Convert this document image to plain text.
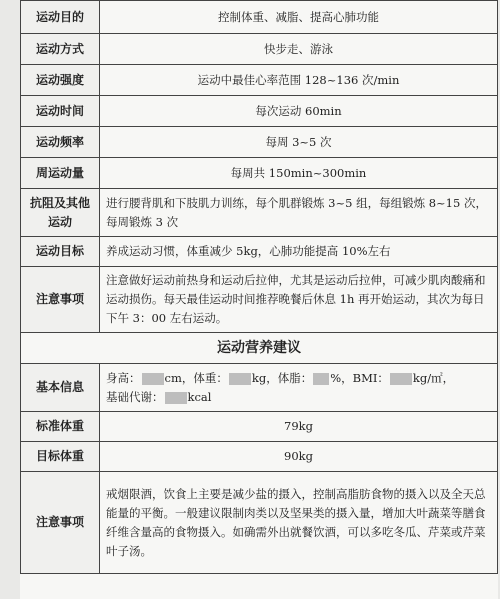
运动目的	控制体重、减脂、提高心肺功能
运动方式	快步走、游泳
运动强度	运动中最佳心率范围 128~136 次/min
运动时间	每次运动 60min
运动频率	每周 3~5 次
周运动量	每周共 150min~300min
抗阻及其他运动	进行腰背肌和下肢肌力训练，每个肌群锻炼 3~5 组，每组锻炼 8~15 次，每周锻炼 3 次
运动目标	养成运动习惯，体重减少 5kg，心肺功能提高 10%左右
注意事项	注意做好运动前热身和运动后拉伸，尤其是运动后拉伸，可减少肌肉酸痛和运动损伤。每天最佳运动时间推荐晚餐后休息 1h 再开始运动，其次为每日下午 3：00 左右运动。
运动营养建议	
基本信息	身高： cm，体重： kg，体脂： %，BMI： kg/㎡，
基础代谢： kcal
标准体重	79kg
目标体重	90kg
注意事项	戒烟限酒，饮食上主要是减少盐的摄入，控制高脂肪食物的摄入以及全天总能量的平衡。一般建议限制肉类以及坚果类的摄入量，增加大叶蔬菜等膳食纤维含量高的食物摄入。如确需外出就餐饮酒，可以多吃冬瓜、芹菜或芹菜叶子汤。
